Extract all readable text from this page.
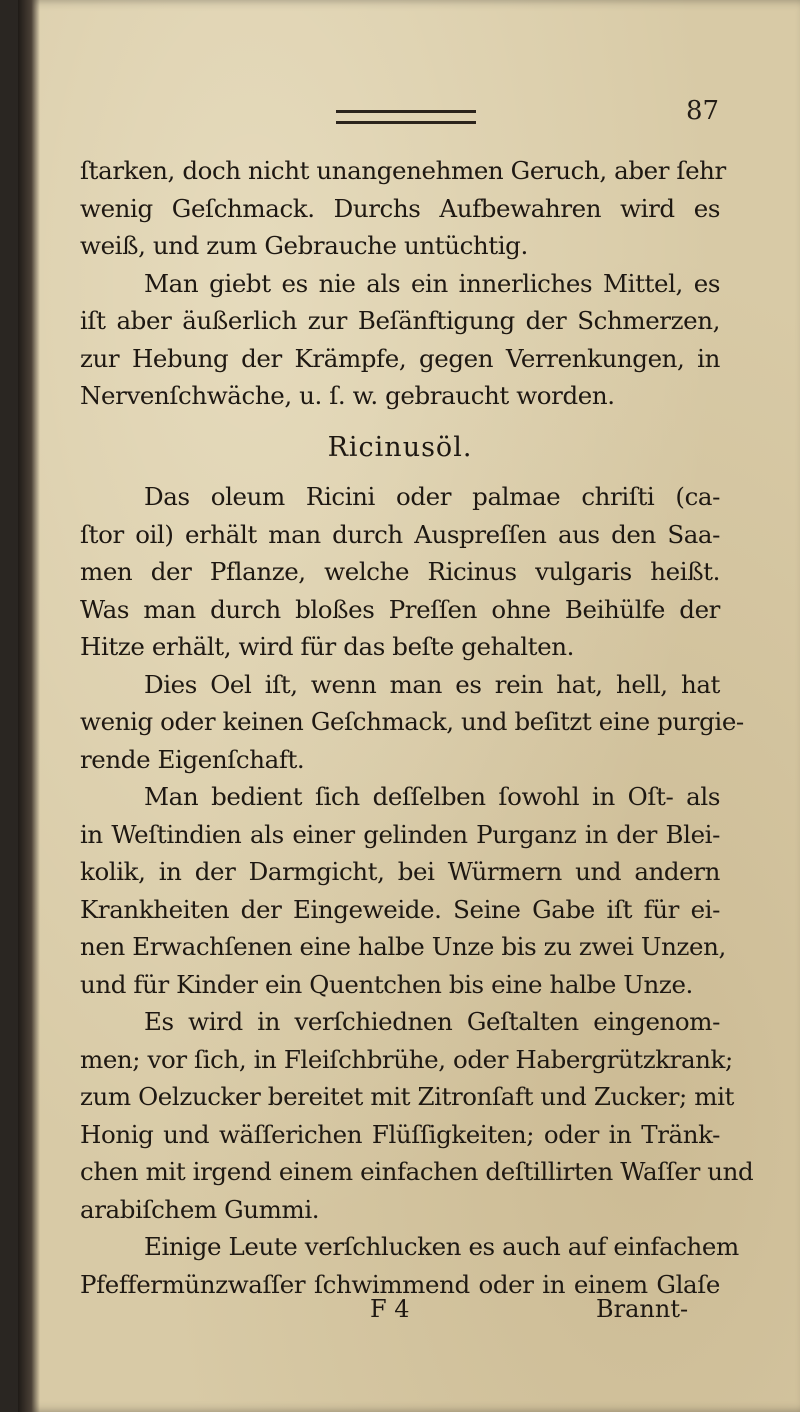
87
ſtarken, doch nicht unangenehmen Geruch, aber ſehr
wenig Geſchmack. Durchs Aufbewahren wird es
weiß, und zum Gebrauche untüchtig.
Man giebt es nie als ein innerliches Mittel, es
iſt aber äußerlich zur Beſänftigung der Schmerzen,
zur Hebung der Krämpfe, gegen Verrenkungen, in
Nervenſchwäche, u. ſ. w. gebraucht worden.
Ricinusöl.
Das oleum Ricini oder palmae chriſti (ca-
ſtor oil) erhält man durch Auspreſſen aus den Saa-
men der Pflanze, welche Ricinus vulgaris heißt.
Was man durch bloßes Preſſen ohne Beihülfe der
Hitze erhält, wird für das beſte gehalten.
Dies Oel iſt, wenn man es rein hat, hell, hat
wenig oder keinen Geſchmack, und beſitzt eine purgie-
rende Eigenſchaft.
Man bedient ſich deſſelben ſowohl in Oſt- als
in Weſtindien als einer gelinden Purganz in der Blei-
kolik, in der Darmgicht, bei Würmern und andern
Krankheiten der Eingeweide. Seine Gabe iſt für ei-
nen Erwachſenen eine halbe Unze bis zu zwei Unzen,
und für Kinder ein Quentchen bis eine halbe Unze.
Es wird in verſchiednen Geſtalten eingenom-
men; vor ſich, in Fleiſchbrühe, oder Habergrützkrank;
zum Oelzucker bereitet mit Zitronſaft und Zucker; mit
Honig und wäſſerichen Flüſſigkeiten; oder in Tränk-
chen mit irgend einem einfachen deſtillirten Waſſer und
arabiſchem Gummi.
Einige Leute verſchlucken es auch auf einfachem
Pfeffermünzwaſſer ſchwimmend oder in einem Glaſe
F 4	Brannt-
